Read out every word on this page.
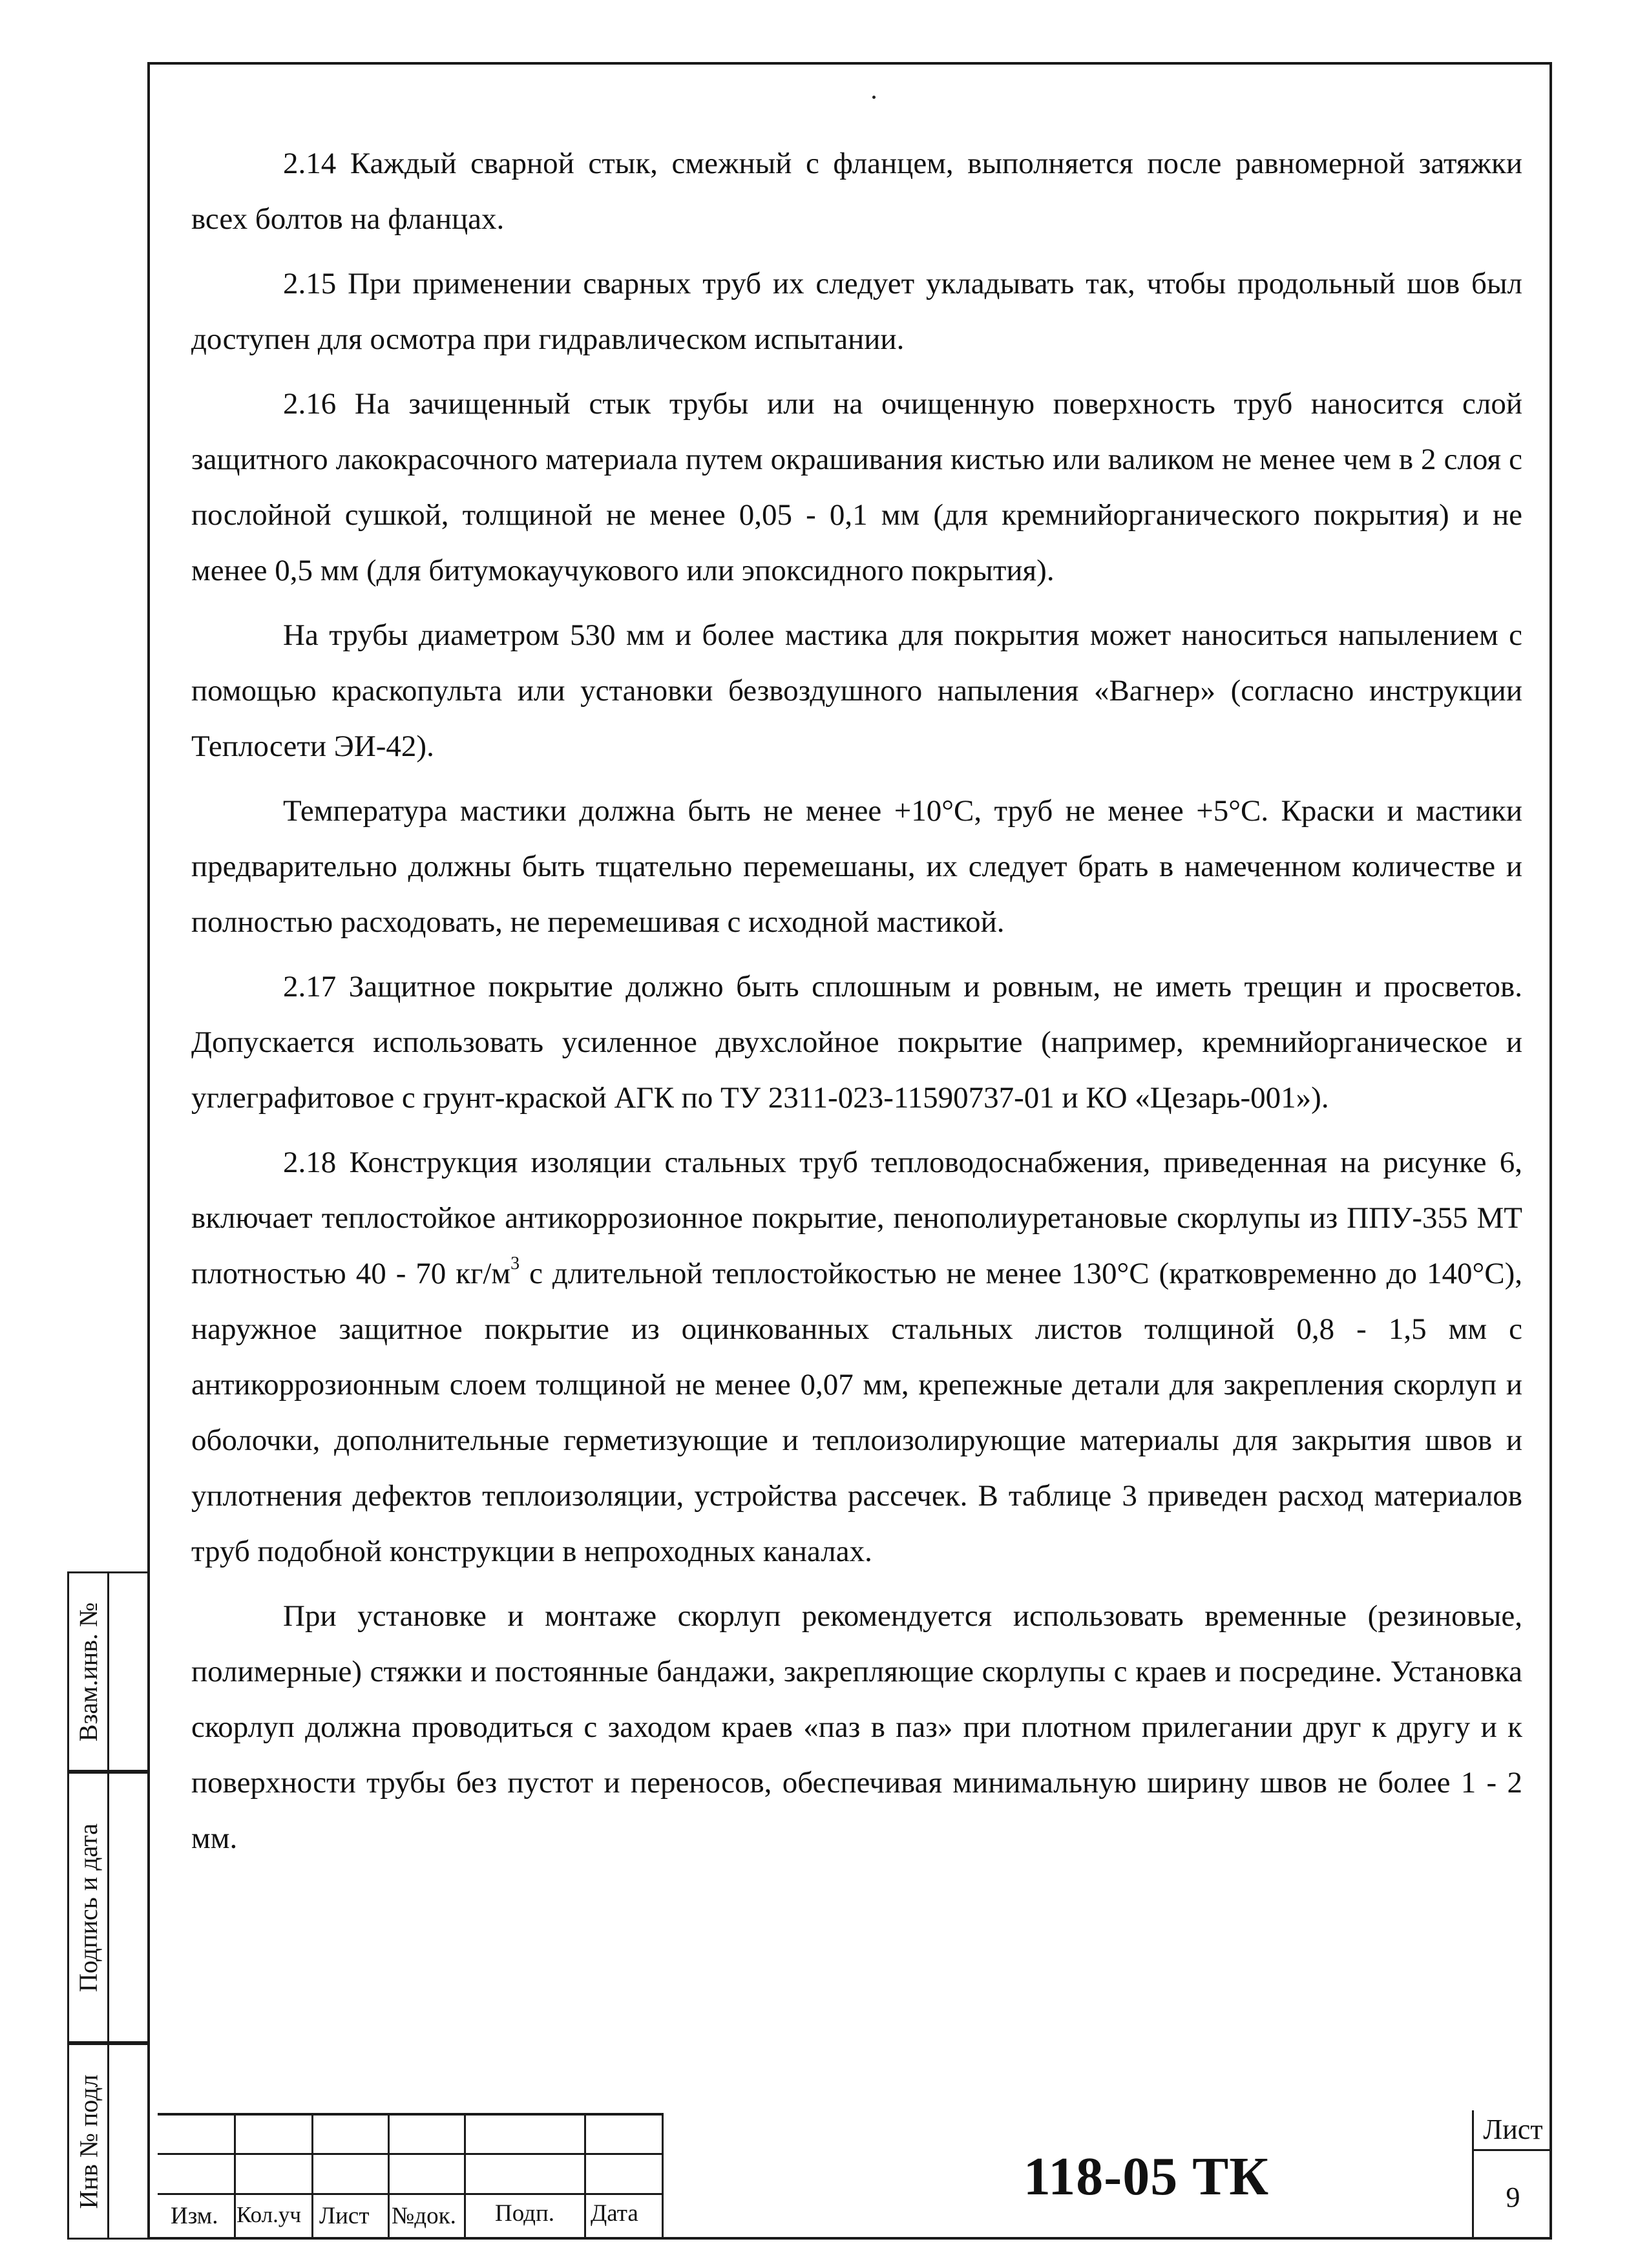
2.14 Каждый сварной стык, смежный с фланцем, выполняется после равномерной затяжки всех болтов на фланцах.

2.15 При применении сварных труб их следует укладывать так, чтобы продольный шов был доступен для осмотра при гидравлическом испытании.

2.16 На зачищенный стык трубы или на очищенную поверхность труб наносится слой защитного лакокрасочного материала путем окрашивания кистью или валиком не менее чем в 2 слоя с послойной сушкой, толщиной не менее 0,05 - 0,1 мм (для кремнийорганического покрытия) и не менее 0,5 мм (для битумокаучукового или эпоксидного покрытия).

На трубы диаметром 530 мм и более мастика для покрытия может наноситься напылением с помощью краскопульта или установки безвоздушного напыления «Вагнер» (согласно инструкции Теплосети ЭИ-42).

Температура мастики должна быть не менее +10°С, труб не менее +5°С. Краски и мастики предварительно должны быть тщательно перемешаны, их следует брать в намеченном количестве и полностью расходовать, не перемешивая с исходной мастикой.

2.17 Защитное покрытие должно быть сплошным и ровным, не иметь трещин и просветов. Допускается использовать усиленное двухслойное покрытие (например, кремнийорганическое и углеграфитовое с грунт-краской АГК по ТУ 2311-023-11590737-01 и КО «Цезарь-001»).

2.18 Конструкция изоляции стальных труб тепловодоснабжения, приведенная на рисунке 6, включает теплостойкое антикоррозионное покрытие, пенополиуретановые скорлупы из ППУ-355 МТ плотностью 40 - 70 $кг/м^3$ с длительной теплостойкостью не менее 130°С (кратковременно до 140°С), наружное защитное покрытие из оцинкованных стальных листов толщиной 0,8 - 1,5 мм с антикоррозионным слоем толщиной не менее 0,07 мм, крепежные детали для закрепления скорлуп и оболочки, дополнительные герметизующие и теплоизолирующие материалы для закрытия швов и уплотнения дефектов теплоизоляции, устройства рассечек. В таблице 3 приведен расход материалов труб подобной конструкции в непроходных каналах.

При установке и монтаже скорлуп рекомендуется использовать временные (резиновые, полимерные) стяжки и постоянные бандажи, закрепляющие скорлупы с краев и посредине. Установка скорлуп должна проводиться с заходом краев «паз в паз» при плотном прилегании друг к другу и к поверхности трубы без пустот и переносов, обеспечивая минимальную ширину швов не более 1 - 2 мм.

Взам.инв. №
Подпись и дата
Инв № подл
Изм. Кол.уч Лист №док. Подп. Дата
118-05 ТК
Лист
9
